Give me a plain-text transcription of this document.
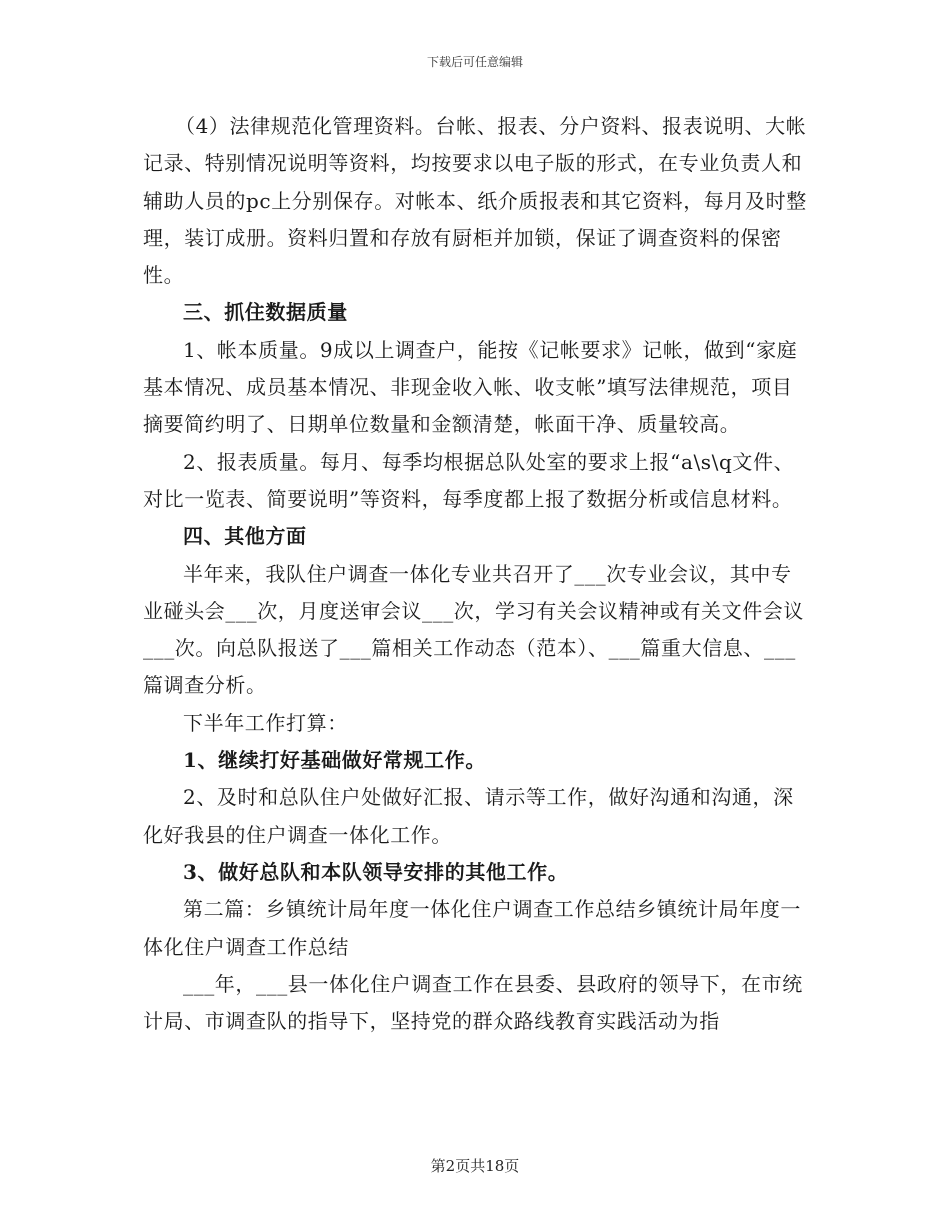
下载后可任意编辑

（4）法律规范化管理资料。台帐、报表、分户资料、报表说明、大帐记录、特别情况说明等资料，均按要求以电子版的形式，在专业负责人和辅助人员的pc上分别保存。对帐本、纸介质报表和其它资料，每月及时整理，装订成册。资料归置和存放有厨柜并加锁，保证了调查资料的保密性。

三、抓住数据质量

1、帐本质量。9成以上调查户，能按《记帐要求》记帐，做到“家庭基本情况、成员基本情况、非现金收入帐、收支帐”填写法律规范，项目摘要简约明了、日期单位数量和金额清楚，帐面干净、质量较高。

2、报表质量。每月、每季均根据总队处室的要求上报“a\s\q文件、对比一览表、简要说明”等资料，每季度都上报了数据分析或信息材料。

四、其他方面

半年来，我队住户调查一体化专业共召开了___次专业会议，其中专业碰头会___次，月度送审会议___次，学习有关会议精神或有关文件会议___次。向总队报送了___篇相关工作动态（范本）、___篇重大信息、___篇调查分析。

下半年工作打算：

1、继续打好基础做好常规工作。

2、及时和总队住户处做好汇报、请示等工作，做好沟通和沟通，深化好我县的住户调查一体化工作。

3、做好总队和本队领导安排的其他工作。

第二篇：乡镇统计局年度一体化住户调查工作总结乡镇统计局年度一体化住户调查工作总结

___年，___县一体化住户调查工作在县委、县政府的领导下，在市统计局、市调查队的指导下，坚持党的群众路线教育实践活动为指

第2页共18页
